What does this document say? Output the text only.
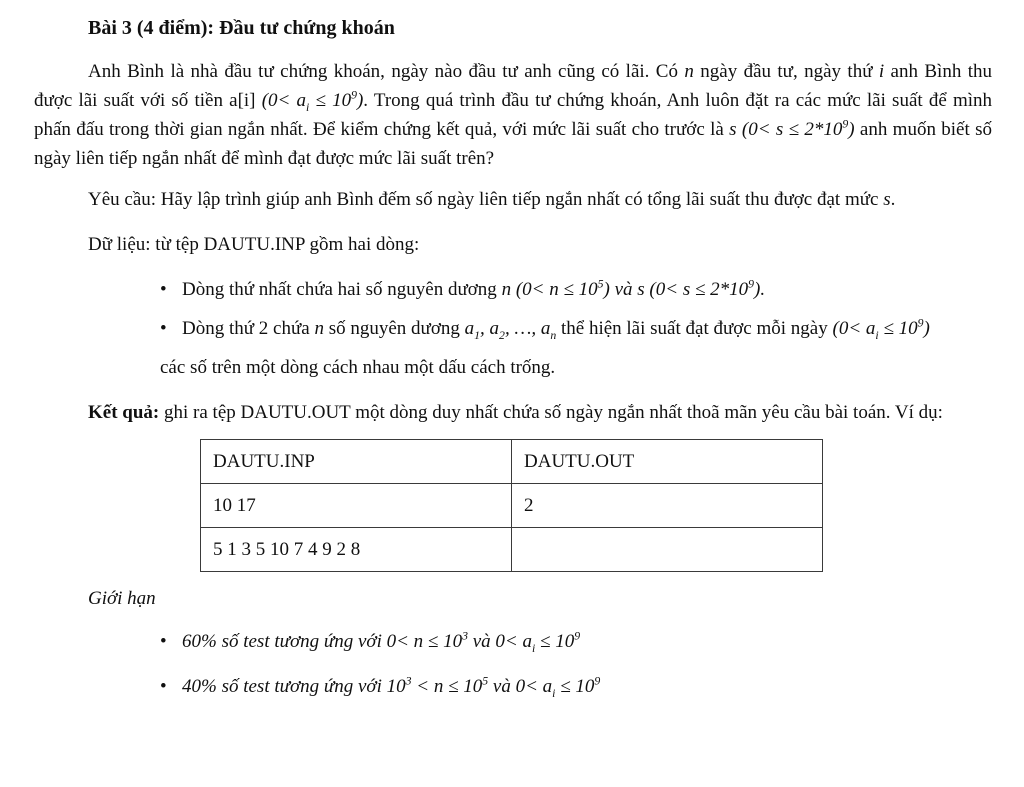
Bài 3 (4 điểm): Đầu tư chứng khoán

Anh Bình là nhà đầu tư chứng khoán, ngày nào đầu tư anh cũng có lãi. Có n ngày đầu tư, ngày thứ i anh Bình thu được lãi suất với số tiền a[i] $(0< a_i \le 10^9)$. Trong quá trình đầu tư chứng khoán, Anh luôn đặt ra các mức lãi suất để mình phấn đấu trong thời gian ngắn nhất. Để kiểm chứng kết quả, với mức lãi suất cho trước là s $(0< s \le 2*10^9)$ anh muốn biết số ngày liên tiếp ngắn nhất để mình đạt được mức lãi suất trên?

Yêu cầu: Hãy lập trình giúp anh Bình đếm số ngày liên tiếp ngắn nhất có tổng lãi suất thu được đạt mức s.

Dữ liệu: từ tệp DAUTU.INP gồm hai dòng:

• Dòng thứ nhất chứa hai số nguyên dương n $(0< n \le 10^5)$ và s $(0< s \le 2*10^9)$.
• Dòng thứ 2 chứa n số nguyên dương $a_1$, $a_2$, …, $a_n$ thể hiện lãi suất đạt được mỗi ngày $(0< a_i \le 10^9)$

các số trên một dòng cách nhau một dấu cách trống.

Kết quả: ghi ra tệp DAUTU.OUT một dòng duy nhất chứa số ngày ngắn nhất thoã mãn yêu cầu bài toán. Ví dụ:

DAUTU.INP	DAUTU.OUT
10 17	2
5 1 3 5 10 7 4 9 2 8	

Giới hạn

• 60% số test tương ứng với $0< n \le 10^3$ và $0< a_i \le 10^9$
• 40% số test tương ứng với $10^3 < n \le 10^5$ và $0< a_i \le 10^9$
